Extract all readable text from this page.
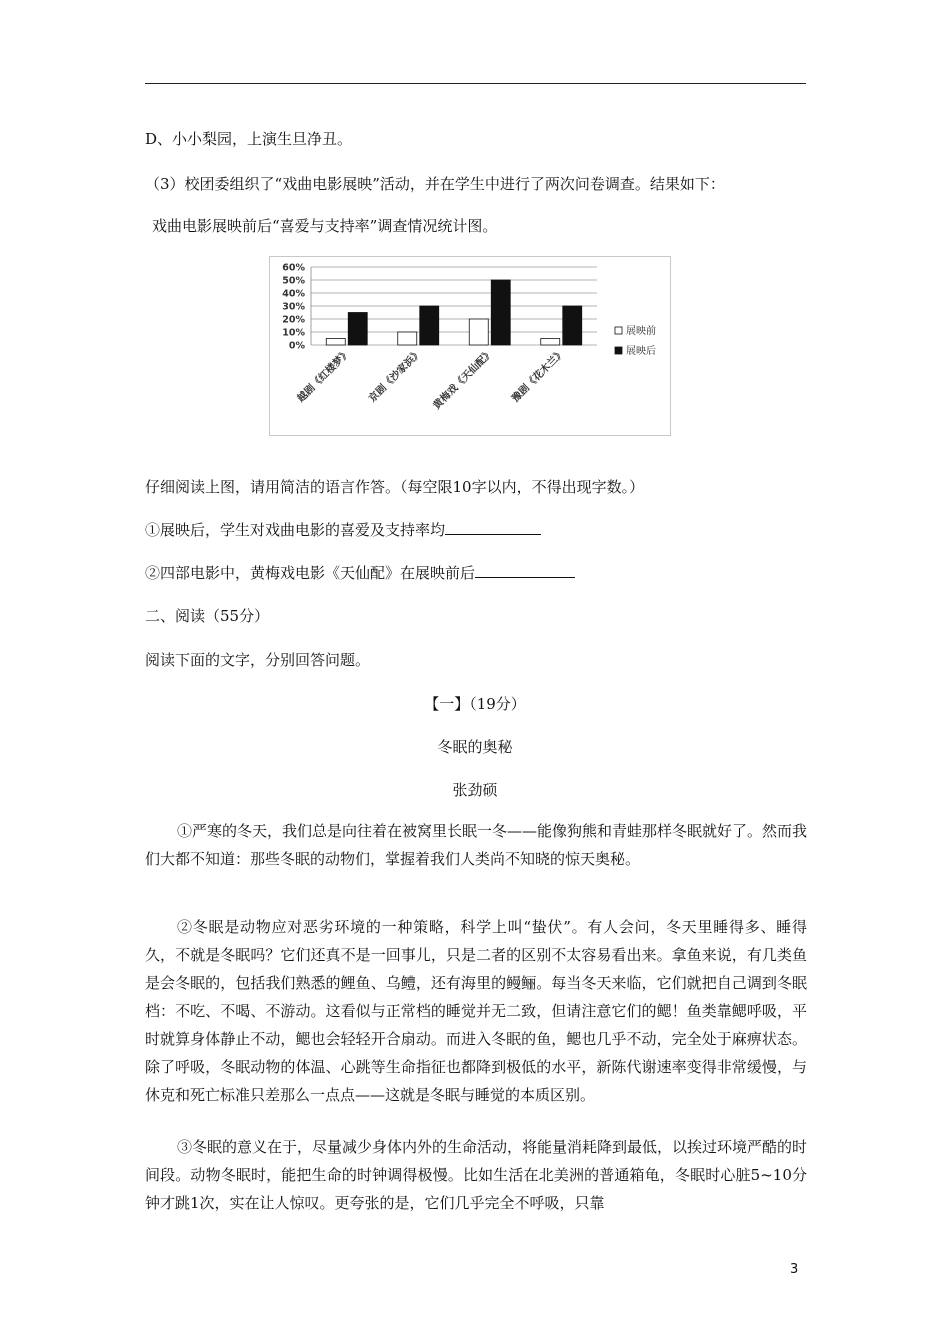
D、小小梨园，上演生旦净丑。
（3）校团委组织了“戏曲电影展映”活动，并在学生中进行了两次问卷调查。结果如下：
戏曲电影展映前后“喜爱与支持率”调查情况统计图。
0%
10%
20%
30%
40%
50%
60%
越剧《红楼梦》 京剧《沙家浜》 黄梅戏《天仙配》 豫剧《花木兰》
展映前
展映后
仔细阅读上图，请用简洁的语言作答。（每空限10字以内，不得出现字数。）
①展映后，学生对戏曲电影的喜爱及支持率均
②四部电影中，黄梅戏电影《天仙配》在展映前后
二、阅读（55分）
阅读下面的文字，分别回答问题。
【一】（19分）
冬眠的奥秘
张劲硕
①严寒的冬天，我们总是向往着在被窝里长眠一冬——能像狗熊和青蛙那样冬眠就好了。然而我们大都不知道：那些冬眠的动物们，掌握着我们人类尚不知晓的惊天奥秘。
②冬眠是动物应对恶劣环境的一种策略，科学上叫“蛰伏”。有人会问，冬天里睡得多、睡得久，不就是冬眠吗？它们还真不是一回事儿，只是二者的区别不太容易看出来。拿鱼来说，有几类鱼是会冬眠的，包括我们熟悉的鲤鱼、乌鳢，还有海里的鳗鲡。每当冬天来临，它们就把自己调到冬眠档：不吃、不喝、不游动。这看似与正常档的睡觉并无二致，但请注意它们的鳃！鱼类靠鳃呼吸，平时就算身体静止不动，鳃也会轻轻开合扇动。而进入冬眠的鱼，鳃也几乎不动，完全处于麻痹状态。除了呼吸，冬眠动物的体温、心跳等生命指征也都降到极低的水平，新陈代谢速率变得非常缓慢，与休克和死亡标准只差那么一点点——这就是冬眠与睡觉的本质区别。
③冬眠的意义在于，尽量减少身体内外的生命活动，将能量消耗降到最低，以挨过环境严酷的时间段。动物冬眠时，能把生命的时钟调得极慢。比如生活在北美洲的普通箱龟，冬眠时心脏5~10分钟才跳1次，实在让人惊叹。更夸张的是，它们几乎完全不呼吸，只靠
3
